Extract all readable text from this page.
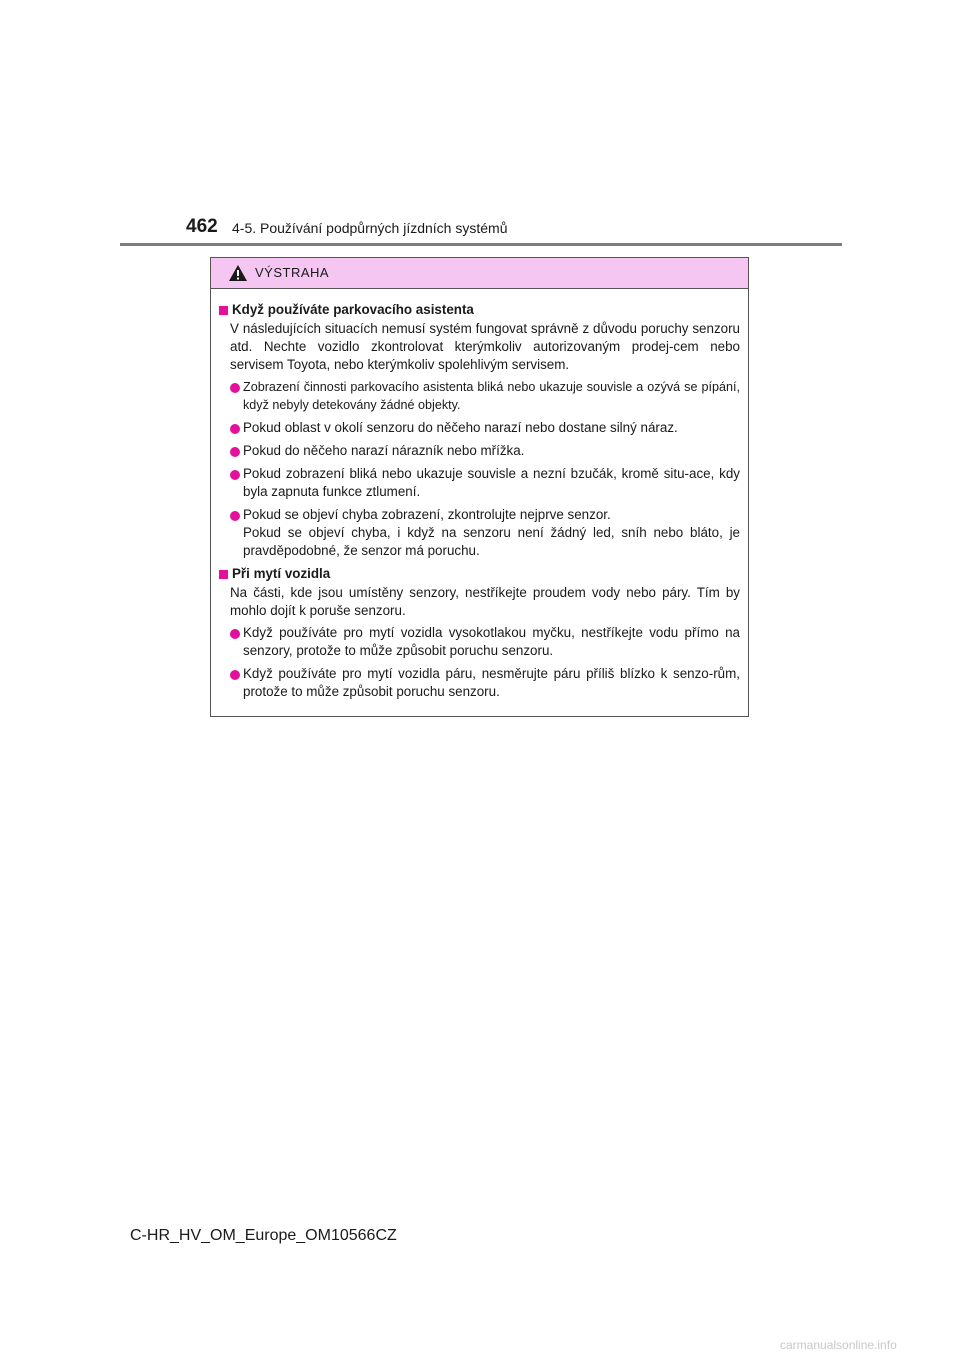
462 4-5. Používání podpůrných jízdních systémů
VÝSTRAHA
Když používáte parkovacího asistenta
V následujících situacích nemusí systém fungovat správně z důvodu poruchy senzoru atd. Nechte vozidlo zkontrolovat kterýmkoliv autorizovaným prodej-cem nebo servisem Toyota, nebo kterýmkoliv spolehlivým servisem.
Zobrazení činnosti parkovacího asistenta bliká nebo ukazuje souvisle a ozývá se pípání, když nebyly detekovány žádné objekty.
Pokud oblast v okolí senzoru do něčeho narazí nebo dostane silný náraz.
Pokud do něčeho narazí nárazník nebo mřížka.
Pokud zobrazení bliká nebo ukazuje souvisle a nezní bzučák, kromě situ-ace, kdy byla zapnuta funkce ztlumení.
Pokud se objeví chyba zobrazení, zkontrolujte nejprve senzor.
Pokud se objeví chyba, i když na senzoru není žádný led, sníh nebo bláto, je pravděpodobné, že senzor má poruchu.
Při mytí vozidla
Na části, kde jsou umístěny senzory, nestříkejte proudem vody nebo páry. Tím by mohlo dojít k poruše senzoru.
Když používáte pro mytí vozidla vysokotlakou myčku, nestříkejte vodu přímo na senzory, protože to může způsobit poruchu senzoru.
Když používáte pro mytí vozidla páru, nesměrujte páru příliš blízko k senzo-rům, protože to může způsobit poruchu senzoru.
C-HR_HV_OM_Europe_OM10566CZ
carmanualsonline.info
